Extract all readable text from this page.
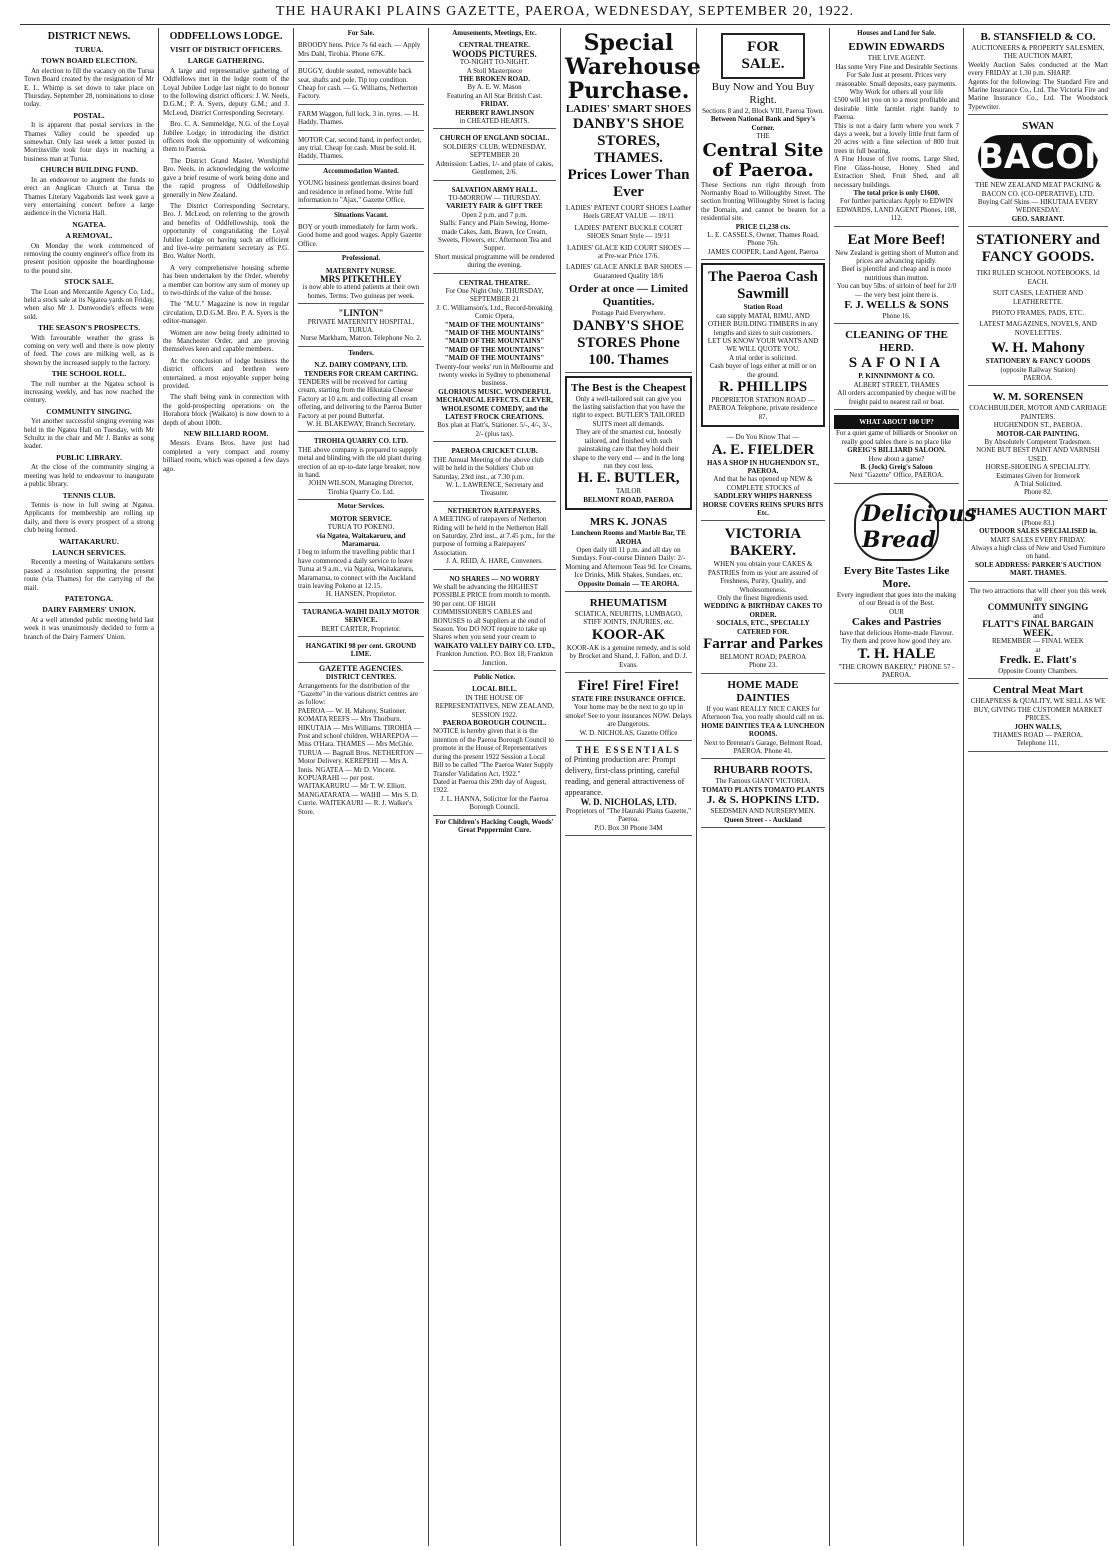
THE HAURAKI PLAINS GAZETTE, PAEROA, WEDNESDAY, SEPTEMBER 20, 1922.
DISTRICT NEWS.
TURUA.
TOWN BOARD ELECTION.

An election to fill the vacancy on the Turua Town Board created by the resignation of Mr E. L. Whimp is set down to take place on Thursday, September 28, nominations to close today.

POSTAL.

It is apparent that postal services in the Thames Valley could be speeded up somewhat. Only last week a letter posted in Morrinsville took four days in reaching a business man at Turua.

CHURCH BUILDING FUND.

In an endeavour to augment the funds to erect an Anglican Church at Turua the Thames Literary Vagabonds last week gave a very entertaining concert before a large audience in the Victoria Hall.

NGATEA.
A REMOVAL.

On Monday the work commenced of removing the county engineer's office from its present position opposite the boardinghouse to the pound site.

STOCK SALE.

The Loan and Mercantile Agency Co. Ltd., held a stock sale at its Ngatea yards on Friday, when also Mr J. Dunwoodie's effects were sold.

THE SEASON'S PROSPECTS.

With favourable weather the grass is coming on very well and there is now plenty of feed. The cows are milking well, as is shown by the increased supply to the factory.

THE SCHOOL ROLL.

The roll number at the Ngatea school is increasing weekly, and has now reached the century.

COMMUNITY SINGING.

Yet another successful singing evening was held in the Ngatea Hall on Tuesday, with Mr Schultz in the chair and Mr J. Banks as song leader.

PUBLIC LIBRARY.

At the close of the community singing a meeting was held to endeavour to inaugurate a public library.

TENNIS CLUB.

Tennis is now in full swing at Ngatea. Applicants for membership are rolling up daily, and there is every prospect of a strong club being formed.

WAITAKARURU.
LAUNCH SERVICES.

Recently a meeting of Waitakaruru settlers passed a resolution supporting the present route (via Thames) for the carrying of the mail.

PATETONGA.
DAIRY FARMERS' UNION.

At a well attended public meeting held last week it was unanimously decided to form a branch of the Dairy Farmers' Union.

ODDFELLOWS LODGE.
VISIT OF DISTRICT OFFICERS.
LARGE GATHERING.

A large and representative gathering of Oddfellows met in the lodge room of the Loyal Jubilee Lodge last night to do honour to the following district officers: J. W. Neels, D.G.M.; P. A. Syers, deputy G.M.; and J. McLeod, District Corresponding Secretary.

Bro. C. A. Semmeldge, N.G. of the Loyal Jubilee Lodge, in introducing the district officers took the opportunity of welcoming them to Paeroa.

The District Grand Master, Worshipful Bro. Neels, in acknowledging the welcome gave a brief resume of work being done and the rapid progress of Oddfellowship generally in New Zealand.

The District Corresponding Secretary, Bro. J. McLeod, on referring to the growth and benefits of Oddfellowship, took the opportunity of congratulating the Loyal Jubilee Lodge on having such an efficient and live-wire permanent secretary as P.G. Bro. Walter North.

A very comprehensive housing scheme has been undertaken by the Order, whereby a member can borrow any sum of money up to two-thirds of the value of the house.

The "M.U." Magazine is now in regular circulation, D.D.G.M. Bro. P. A. Syers is the editor-manager.

Women are now being freely admitted to the Manchester Order, and are proving themselves keen and capable members.

At the conclusion of lodge business the district officers and brethren were entertained, a most enjoyable supper being provided.

The shaft being sunk in connection with the gold-prospecting operations on the Horahora block (Waikato) is now down to a depth of about 100ft.

NEW BILLIARD ROOM.

Messrs Evans Bros. have just had completed a very compact and roomy billiard room, which was opened a few days ago.

For Sale.
BROODY hens. Price 7s 6d each. — Apply Mrs Dahl, Tirohia. Phone 67K.
BUGGY, double seated, removable back seat, shafts and pole. Tip top condition. Cheap for cash. — G. Williams, Netherton Factory.
FARM Waggon, full lock, 3 in. tyres. — H. Haddy, Thames.
MOTOR Car, second hand, in perfect order, any trial. Cheap for cash. Must be sold. H. Haddy, Thames.
Accommodation Wanted.
YOUNG business gentleman desires board and residence in refined home. Write full information to "Ajax," Gazette Office.
Situations Vacant.
BOY or youth immediately for farm work. Good home and good wages. Apply Gazette Office.
Professional.
MATERNITY NURSE.
MRS PITKETHLEY
is now able to attend patients at their own homes. Terms: Two guineas per week.
"LINTON"
PRIVATE MATERNITY HOSPITAL, TURUA.
Nurse Markham, Matron. Telephone No. 2.
Tenders.
N.Z. DAIRY COMPANY, LTD.
TENDERS FOR CREAM CARTING.
TENDERS will be received for carting cream, starting from the Hikutaia Cheese Factory at 10 a.m. and collecting all cream offering, and delivering to the Paeroa Butter Factory at per pound Butterfat.
W. H. BLAKEWAY, Branch Secretary.
TIROHIA QUARRY CO. LTD.
THE above company is prepared to supply metal and blinding with the old plant during erection of an up-to-date large breaker, now in hand.
JOHN WILSON, Managing Director, Tirohia Quarry Co. Ltd.
Motor Services.
MOTOR SERVICE.
TURUA TO POKENO.
via Ngatea, Waitakaruru, and Maramarua.
I beg to inform the travelling public that I have commenced a daily service to leave Turua at 9 a.m., via Ngatea, Waitakaruru, Maramarua, to connect with the Auckland train leaving Pokeno at 12.15.
H. HANSEN, Proprietor.
TAURANGA-WAIHI DAILY MOTOR SERVICE.
BERT CARTER, Proprietor.
HANGATIKI 98 per cent. GROUND LIME.
GAZETTE AGENCIES.
DISTRICT CENTRES.
Arrangements for the distribution of the "Gazette" in the various district centres are as follow:
PAEROA — W. H. Mahony, Stationer. KOMATA REEFS — Mrs Thorburn. HIKUTAIA — Mrs Williams. TIROHIA — Post and school children. WHAREPOA — Miss O'Hara. THAMES — Mrs McGhie. TURUA — Bagnall Bros. NETHERTON — Motor Delivery. KEREPEHI — Mrs A. Innis. NGATEA — Mr D. Vincent. KOPUARAHI — per post. WAITAKARURU — Mr T. W. Elliott. MANGATARATA — WAIHI — Mrs S. D. Currie. WAITEKAURI — R. J. Walker's Store.
Amusements, Meetings, Etc.
CENTRAL THEATRE.
WOODS PICTURES.
TO-NIGHT TO-NIGHT.
A Stoll Masterpiece
THE BROKEN ROAD.
By A. E. W. Mason
Featuring an All Star British Cast.
FRIDAY.
HERBERT RAWLINSON
in CHEATED HEARTS.
CHURCH OF ENGLAND SOCIAL.
SOLDIERS' CLUB, WEDNESDAY, SEPTEMBER 20
Admission: Ladies, 1/- and plate of cakes, Gentlemen, 2/6.
SALVATION ARMY HALL.
TO-MORROW — THURSDAY.
VARIETY FAIR & GIFT TREE
Open 2 p.m. and 7 p.m.
Stalls: Fancy and Plain Sewing, Home-made Cakes, Jam, Brawn, Ice Cream, Sweets, Flowers, etc. Afternoon Tea and Supper.
Short musical programme will be rendered during the evening.
CENTRAL THEATRE.
For One Night Only. THURSDAY, SEPTEMBER 21
J. C. Williamson's, Ltd., Record-breaking Comic Opera,
"MAID OF THE MOUNTAINS"
"MAID OF THE MOUNTAINS"
"MAID OF THE MOUNTAINS"
"MAID OF THE MOUNTAINS"
"MAID OF THE MOUNTAINS"
Twenty-four weeks' run in Melbourne and twenty weeks in Sydney to phenomenal business.
GLORIOUS MUSIC. WONDERFUL MECHANICAL EFFECTS. CLEVER, WHOLESOME COMEDY, and the LATEST FROCK CREATIONS.
Box plan at Flatt's, Stationer. 5/-, 4/-, 3/-, 2/- (plus tax).
PAEROA CRICKET CLUB.
THE Annual Meeting of the above club will be held in the Soldiers' Club on Saturday, 23rd inst., at 7.30 p.m.
W. L. LAWRENCE, Secretary and Treasurer.
NETHERTON RATEPAYERS.
A MEETING of ratepayers of Netherton Riding will be held in the Netherton Hall on Saturday, 23rd inst., at 7.45 p.m., for the purpose of forming a Ratepayers' Association.
J. A. REID, A. HARE, Conveners.
NO SHARES — NO WORRY
We shall be advancing the HIGHEST POSSIBLE PRICE from month to month. 90 per cent. OF HIGH COMMISSIONER'S CABLES and BONUSES to all Suppliers at the end of Season. You DO NOT require to take up Shares when you send your cream to
WAIKATO VALLEY DAIRY CO. LTD.,
Frankton Junction. P.O. Box 18, Frankton Junction.
Public Notice.
LOCAL BILL.
IN THE HOUSE OF REPRESENTATIVES, NEW ZEALAND, SESSION 1922.
PAEROA BOROUGH COUNCIL.
NOTICE is hereby given that it is the intention of the Paeroa Borough Council to promote in the House of Representatives during the present 1922 Session a Local Bill to be called "The Paeroa Water Supply Transfer Validation Act, 1922."
Dated at Paeroa this 29th day of August, 1922.
J. L. HANNA, Solicitor for the Paeroa Borough Council.
For Children's Hacking Cough, Woods' Great Peppermint Cure.
Special Warehouse Purchase.
LADIES' SMART SHOES
DANBY'S SHOE STORES, THAMES.
Prices Lower Than Ever
LADIES' PATENT COURT SHOES Leather Heels GREAT VALUE — 18/11
LADIES' PATENT BUCKLE COURT SHOES Smart Style — 19/11
LADIES' GLACE KID COURT SHOES — at Pre-war Price 17/6.
LADIES' GLACE ANKLE BAR SHOES — Guaranteed Quality 18/6
Order at once — Limited Quantities.
Postage Paid Everywhere.
DANBY'S SHOE STORES Phone 100. Thames
The Best is the Cheapest
Only a well-tailored suit can give you the lasting satisfaction that you have the right to expect. BUTLER'S TAILORED SUITS meet all demands.
They are of the smartest cut, honestly tailored, and finished with such painstaking care that they hold their shape to the very end — and in the long run they cost less.
H. E. BUTLER,
TAILOR
BELMONT ROAD, PAEROA
MRS K. JONAS
Luncheon Rooms and Marble Bar, TE AROHA
Open daily till 11 p.m. and all day on Sundays. Four-course Dinners Daily: 2/- Morning and Afternoon Teas 9d. Ice Creams, Ice Drinks, Milk Shakes, Sundaes, etc.
Opposite Domain — TE AROHA.
RHEUMATISM
SCIATICA, NEURITIS, LUMBAGO, STIFF JOINTS, INJURIES, etc.
KOOR-AK
KOOR-AK is a genuine remedy, and is sold by Brocket and Shand, J. Fallon, and D. J. Evans.
Fire! Fire! Fire!
STATE FIRE INSURANCE OFFICE.
Your home may be the next to go up in smoke! See to your insurances NOW. Delays are Dangerous.
W. D. NICHOLAS, Gazette Office
THE ESSENTIALS
of Printing production are: Prompt delivery, first-class printing, careful reading, and general attractiveness of appearance.
W. D. NICHOLAS, LTD.
Proprietors of "The Hauraki Plains Gazette," Paeroa.
P.O. Box 30 Phone 34M
FOR SALE.
Buy Now and You Buy Right.
Sections 8 and 2, Block VIII, Paeroa Town.
Between National Bank and Spry's Corner.
THE
Central Site of Paeroa.
These Sections run right through from Normanby Road to Willoughby Street. The section fronting Willoughby Street is facing the Domain, and cannot be beaten for a residential site.
PRICE £1,238 cts.
L. E. CASSELS, Owner, Thames Road, Phone 76h.
JAMES COOPER, Land Agent, Paeroa
The Paeroa Cash Sawmill
Station Road
can supply MATAI, RIMU, AND OTHER BUILDING TIMBERS in any lengths and sizes to suit customers.
LET US KNOW YOUR WANTS AND WE WILL QUOTE YOU.
A trial order is solicited.
Cash buyer of logs either at mill or on the ground.
R. PHILLIPS
PROPRIETOR STATION ROAD — PAEROA Telephone, private residence 87.
— Do You Know That —
A. E. FIELDER
HAS A SHOP IN HUGHENDON ST., PAEROA.
And that he has opened up NEW & COMPLETE STOCKS of
SADDLERY WHIPS HARNESS HORSE COVERS REINS SPURS BITS Etc.
VICTORIA BAKERY.
WHEN you obtain your CAKES & PASTRIES from us your are assured of Freshness, Purity, Quality, and Wholesomeness.
Only the finest Ingredients used.
WEDDING & BIRTHDAY CAKES TO ORDER.
SOCIALS, ETC., SPECIALLY CATERED FOR.
Farrar and Parkes
BELMONT ROAD; PAEROA
Phone 23.
HOME MADE DAINTIES
If you want REALLY NICE CAKES for Afternoon Tea, you really should call on us.
HOME DAINTIES TEA & LUNCHEON ROOMS.
Next to Brennan's Garage, Belmont Road, PAEROA. Phone 41.
RHUBARB ROOTS.
The Famous GIANT VICTORIA.
TOMATO PLANTS TOMATO PLANTS
J. & S. HOPKINS LTD.
SEEDSMEN AND NURSERYMEN.
Queen Street - - Auckland
Houses and Land for Sale.
EDWIN EDWARDS
THE LIVE AGENT.
Has some Very Fine and Desirable Sections For Sale Just at present. Prices very reasonable. Small deposits, easy payments.
Why Work for others all your life
£500 will let you on to a most profitable and desirable little farmlet right handy to Paeroa.
This is not a dairy farm where you work 7 days a week, but a lovely little fruit farm of 20 acres with a fine selection of 800 fruit trees in full bearing.
A Fine House of five rooms, Large Shed, Fine Glass-house, Honey Shed and Extraction Shed, Fruit Shed, and all necessary buildings.
The total price is only £1600.
For further particulars Apply to EDWIN EDWARDS, LAND AGENT Phones, 108, 112.
Eat More Beef!
New Zealand is getting short of Mutton and prices are advancing rapidly.
Beef is plentiful and cheap and is more nutritious than mutton.
You can buy 5lbs. of sirloin of beef for 2/0 — the very best joint there is.
F. J. WELLS & SONS
Phone 16.
CLEANING OF THE HERD.
SAFONIA
P. KINNINMONT & CO.
ALBERT STREET, THAMES
All orders accompanied by cheque will be freight paid to nearest rail or boat.
WHAT ABOUT 100 UP?
For a quiet game of billiards or Snooker on really good tables there is no place like
GREIG'S BILLIARD SALOON.
How about a game?
B. (Jock) Greig's Saloon
Next "Gazette" Office, PAEROA.
Delicious Bread
Every Bite Tastes Like More.
Every ingredient that goes into the making of our Bread is of the Best.
OUR
Cakes and Pastries
have that delicious Home-made Flavour. Try them and prove how good they are.
T. H. HALE
"THE CROWN BAKERY," PHONE 57 - PAEROA.
B. STANSFIELD & CO.
AUCTIONEERS & PROPERTY SALESMEN, THE AUCTION MART,
Weekly Auction Sales conducted at the Mart every FRIDAY at 1.30 p.m. SHARP.
Agents for the following: The Standard Fire and Marine Insurance Co., Ltd. The Victoria Fire and Marine Insurance Co., Ltd. The Woodstock Typewriter.
SWAN
BACON
THE NEW ZEALAND MEAT PACKING & BACON CO. (CO-OPERATIVE), LTD.
Buying Calf Skins — HIKUTAIA EVERY WEDNESDAY.
GEO. SARJANT.
STATIONERY and FANCY GOODS.
TIKI RULED SCHOOL NOTEBOOKS, 1d EACH.
SUIT CASES, LEATHER AND LEATHERETTE.
PHOTO FRAMES, PADS, ETC.
LATEST MAGAZINES, NOVELS, AND NOVELETTES.
W. H. Mahony
STATIONERY & FANCY GOODS
(opposite Railway Station)
PAEROA.
W. M. SORENSEN
COACHBUILDER, MOTOR AND CARRIAGE PAINTERS.
HUGHENDON ST., PAEROA.
MOTOR-CAR PAINTING.
By Absolutely Competent Tradesmen.
NONE BUT BEST PAINT AND VARNISH USED.
HORSE-SHOEING A SPECIALITY.
Estimates Given for Ironwork
A Trial Solicited.
Phone 82.
THAMES AUCTION MART
(Phone 83.)
OUTDOOR SALES SPECIALISED in.
MART SALES EVERY FRIDAY.
Always a high class of New and Used Furniture on hand.
SOLE ADDRESS: PARKER'S AUCTION MART. THAMES.
The two attractions that will cheer you this week are
COMMUNITY SINGING
and
FLATT'S FINAL BARGAIN WEEK.
REMEMBER — FINAL WEEK
at
Fredk. E. Flatt's
Opposite County Chambers.
Central Meat Mart
CHEAPNESS & QUALITY, WE SELL AS WE BUY, GIVING THE CUSTOMER MARKET PRICES.
JOHN WALLS,
THAMES ROAD — PAEROA.
Telephone 111.
